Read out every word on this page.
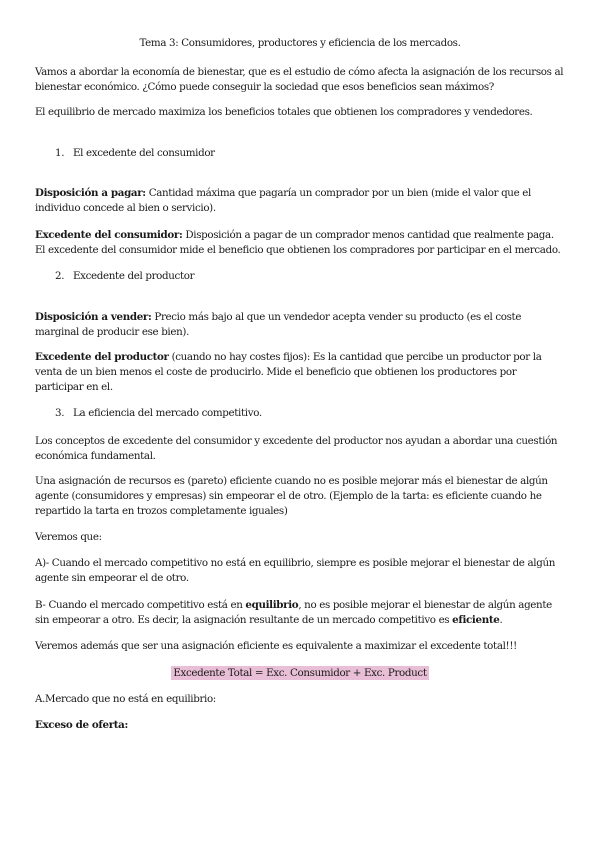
Tema 3: Consumidores, productores y eficiencia de los mercados.

Vamos a abordar la economía de bienestar, que es el estudio de cómo afecta la asignación de los recursos al bienestar económico. ¿Cómo puede conseguir la sociedad que esos beneficios sean máximos?

El equilibrio de mercado maximiza los beneficios totales que obtienen los compradores y vendedores.

1. El excedente del consumidor

Disposición a pagar: Cantidad máxima que pagaría un comprador por un bien (mide el valor que el individuo concede al bien o servicio).

Excedente del consumidor: Disposición a pagar de un comprador menos cantidad que realmente paga. El excedente del consumidor mide el beneficio que obtienen los compradores por participar en el mercado.

2. Excedente del productor

Disposición a vender: Precio más bajo al que un vendedor acepta vender su producto (es el coste marginal de producir ese bien).

Excedente del productor (cuando no hay costes fijos): Es la cantidad que percibe un productor por la venta de un bien menos el coste de producirlo. Mide el beneficio que obtienen los productores por participar en el.

3. La eficiencia del mercado competitivo.

Los conceptos de excedente del consumidor y excedente del productor nos ayudan a abordar una cuestión económica fundamental.

Una asignación de recursos es (pareto) eficiente cuando no es posible mejorar más el bienestar de algún agente (consumidores y empresas) sin empeorar el de otro. (Ejemplo de la tarta: es eficiente cuando he repartido la tarta en trozos completamente iguales)

Veremos que:

A)- Cuando el mercado competitivo no está en equilibrio, siempre es posible mejorar el bienestar de algún agente sin empeorar el de otro.

B- Cuando el mercado competitivo está en equilibrio, no es posible mejorar el bienestar de algún agente sin empeorar a otro. Es decir, la asignación resultante de un mercado competitivo es eficiente.

Veremos además que ser una asignación eficiente es equivalente a maximizar el excedente total!!!

Excedente Total = Exc. Consumidor + Exc. Product

A.Mercado que no está en equilibrio:

Exceso de oferta:
